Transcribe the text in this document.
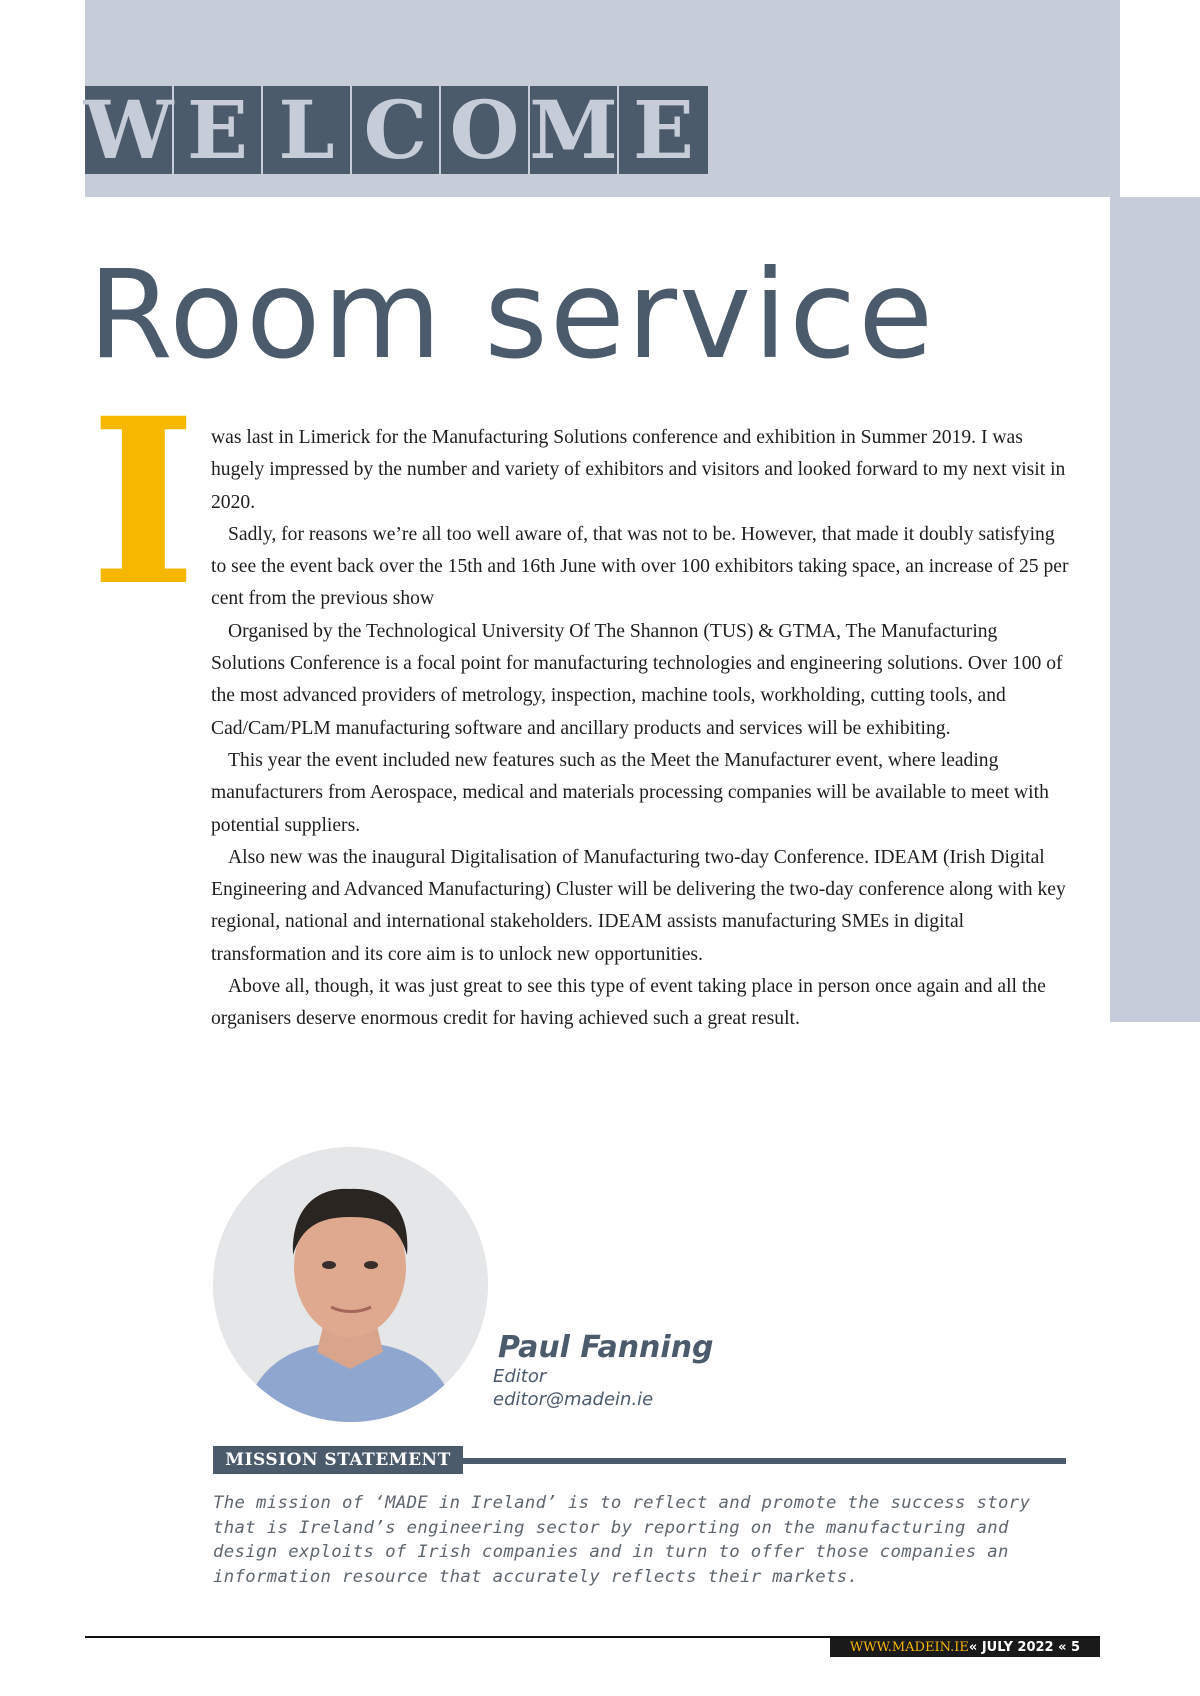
W E L C O M E
Room service
I was last in Limerick for the Manufacturing Solutions conference and exhibition in Summer 2019. I was hugely impressed by the number and variety of exhibitors and visitors and looked forward to my next visit in 2020.

Sadly, for reasons we’re all too well aware of, that was not to be. However, that made it doubly satisfying to see the event back over the 15th and 16th June with over 100 exhibitors taking space, an increase of 25 per cent from the previous show

Organised by the Technological University Of The Shannon (TUS) & GTMA, The Manufacturing Solutions Conference is a focal point for manufacturing technologies and engineering solutions. Over 100 of the most advanced providers of metrology, inspection, machine tools, workholding, cutting tools, and Cad/Cam/PLM manufacturing software and ancillary products and services will be exhibiting.

This year the event included new features such as the Meet the Manufacturer event, where leading manufacturers from Aerospace, medical and materials processing companies will be available to meet with potential suppliers.

Also new was the inaugural Digitalisation of Manufacturing two-day Conference. IDEAM (Irish Digital Engineering and Advanced Manufacturing) Cluster will be delivering the two-day conference along with key regional, national and international stakeholders. IDEAM assists manufacturing SMEs in digital transformation and its core aim is to unlock new opportunities.

Above all, though, it was just great to see this type of event taking place in person once again and all the organisers deserve enormous credit for having achieved such a great result.

Paul Fanning
Editor
editor@madein.ie
MISSION STATEMENT

The mission of ‘MADE in Ireland’ is to reflect and promote the success story that is Ireland’s engineering sector by reporting on the manufacturing and design exploits of Irish companies and in turn to offer those companies an information resource that accurately reflects their markets.

WWW.MADEIN.IE « JULY 2022 « 5
